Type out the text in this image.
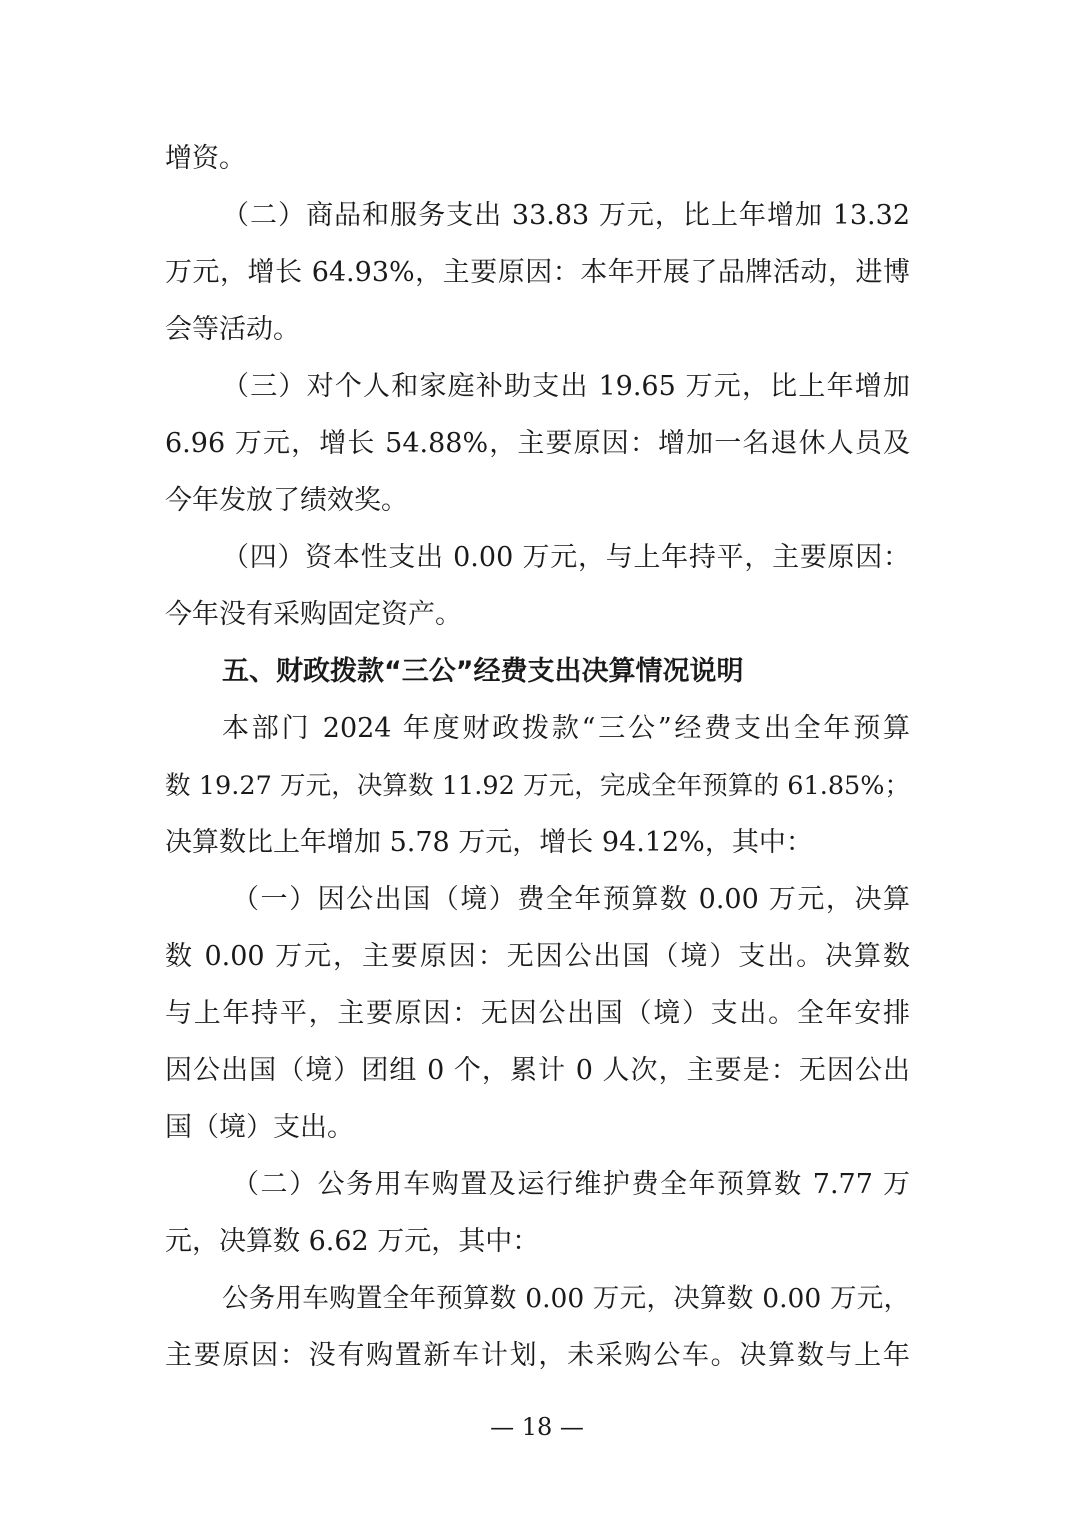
增资。
（二）商品和服务支出 33.83 万元，比上年增加 13.32
万元，增长 64.93%，主要原因：本年开展了品牌活动，进博
会等活动。
（三）对个人和家庭补助支出 19.65 万元，比上年增加
6.96 万元，增长 54.88%，主要原因：增加一名退休人员及
今年发放了绩效奖。
（四）资本性支出 0.00 万元，与上年持平，主要原因：
今年没有采购固定资产。
五、财政拨款“三公”经费支出决算情况说明
本部门 2024 年度财政拨款“三公”经费支出全年预算
数 19.27 万元，决算数 11.92 万元，完成全年预算的 61.85%；
决算数比上年增加 5.78 万元，增长 94.12%，其中：
（一）因公出国（境）费全年预算数 0.00 万元，决算
数 0.00 万元，主要原因：无因公出国（境）支出。决算数
与上年持平，主要原因：无因公出国（境）支出。全年安排
因公出国（境）团组 0 个，累计 0 人次，主要是：无因公出
国（境）支出。
（二）公务用车购置及运行维护费全年预算数 7.77 万
元，决算数 6.62 万元，其中：
公务用车购置全年预算数 0.00 万元，决算数 0.00 万元，
主要原因：没有购置新车计划，未采购公车。决算数与上年
— 18 —
